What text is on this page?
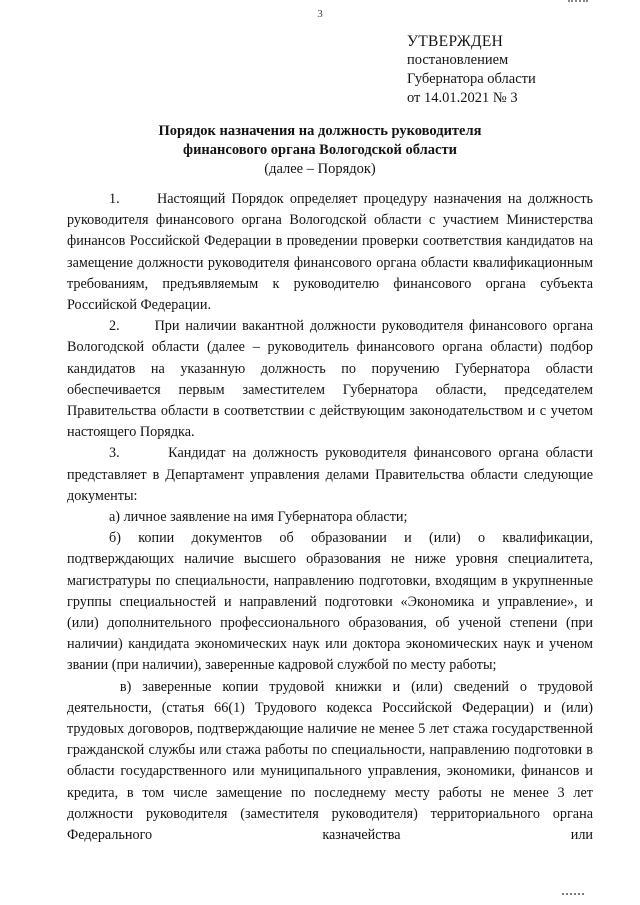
3
УТВЕРЖДЕН
постановлением
Губернатора области
от 14.01.2021 № 3
Порядок назначения на должность руководителя
финансового органа Вологодской области
(далее – Порядок)

1.      Настоящий Порядок определяет процедуру назначения на должность руководителя финансового органа Вологодской области с участием Министерства финансов Российской Федерации в проведении проверки соответствия кандидатов на замещение должности руководителя финансового органа области квалификационным требованиям, предъявляемым к руководителю финансового органа субъекта Российской Федерации.

2.      При наличии вакантной должности руководителя финансового органа Вологодской области (далее – руководитель финансового органа области) подбор кандидатов на указанную должность по поручению Губернатора области обеспечивается первым заместителем Губернатора области, председателем Правительства области в соответствии с действующим законодательством и с учетом настоящего Порядка.

3.       Кандидат на должность руководителя финансового органа области представляет в Департамент управления делами Правительства области следующие документы:

а) личное заявление на имя Губернатора области;

б) копии документов об образовании и (или) о квалификации, подтверждающих наличие высшего образования не ниже уровня специалитета, магистратуры по специальности, направлению подготовки, входящим в укрупненные группы специальностей и направлений подготовки «Экономика и управление», и (или) дополнительного профессионального образования, об ученой степени (при наличии) кандидата экономических наук или доктора экономических наук и ученом звании (при наличии), заверенные кадровой службой по месту работы;

в) заверенные копии трудовой книжки и (или) сведений о трудовой деятельности, (статья 66(1) Трудового кодекса Российской Федерации) и (или) трудовых договоров, подтверждающие наличие не менее 5 лет стажа государственной гражданской службы или стажа работы по специальности, направлению подготовки в области государственного или муниципального управления, экономики, финансов и кредита, в том числе замещение по последнему месту работы не менее 3 лет должности руководителя (заместителя руководителя) территориального органа Федерального казначейства или
